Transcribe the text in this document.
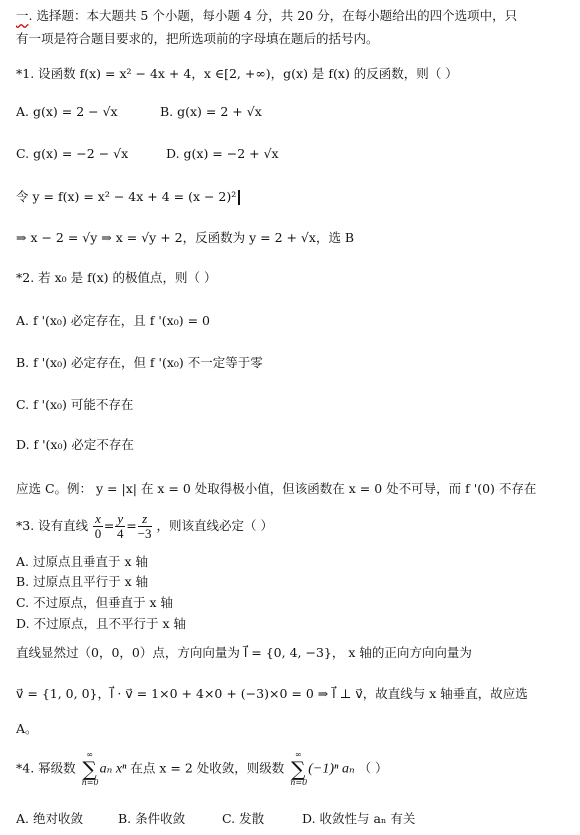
一. 选择题：本大题共 5 个小题，每小题 4 分，共 20 分，在每小题给出的四个选项中，只
有一项是符合题目要求的，把所选项前的字母填在题后的括号内。
*1. 设函数 f(x) = x² − 4x + 4，x ∈[2, +∞)，g(x) 是 f(x) 的反函数，则（ ）
A. g(x) = 2 − √x	B. g(x) = 2 + √x
C. g(x) = −2 − √x	D. g(x) = −2 + √x
令 y = f(x) = x² − 4x + 4 = (x − 2)²
⇒ x − 2 = √y ⇒ x = √y + 2，反函数为 y = 2 + √x，选 B
*2. 若 x₀ 是 f(x) 的极值点，则（ ）
A. f '(x₀) 必定存在，且 f '(x₀) = 0
B. f '(x₀) 必定存在，但 f '(x₀) 不一定等于零
C. f '(x₀) 可能不存在
D. f '(x₀) 必定不存在
应选 C。例： y = |x| 在 x = 0 处取得极小值，但该函数在 x = 0 处不可导，而 f '(0) 不存在
*3. 设有直线 $\frac{x}{0} = \frac{y}{4} = \frac{z}{-3}$ ，则该直线必定（ ）
A. 过原点且垂直于 x 轴
B. 过原点且平行于 x 轴
C. 不过原点，但垂直于 x 轴
D. 不过原点，且不平行于 x 轴
直线显然过（0，0，0）点，方向向量为 l⃗ = {0, 4, −3}， x 轴的正向方向向量为
v⃗ = {1, 0, 0}，l⃗ · v⃗ = 1×0 + 4×0 + (−3)×0 = 0 ⇒ l⃗ ⊥ v⃗，故直线与 x 轴垂直，故应选
A。
*4. 幂级数
∞
∑
n=0
aₙ xⁿ 在点 x = 2 处收敛，则级数
∞
∑
n=0
(−1)ⁿ aₙ （ ）
A. 绝对收敛	B. 条件收敛	C. 发散	D. 收敛性与 aₙ 有关
